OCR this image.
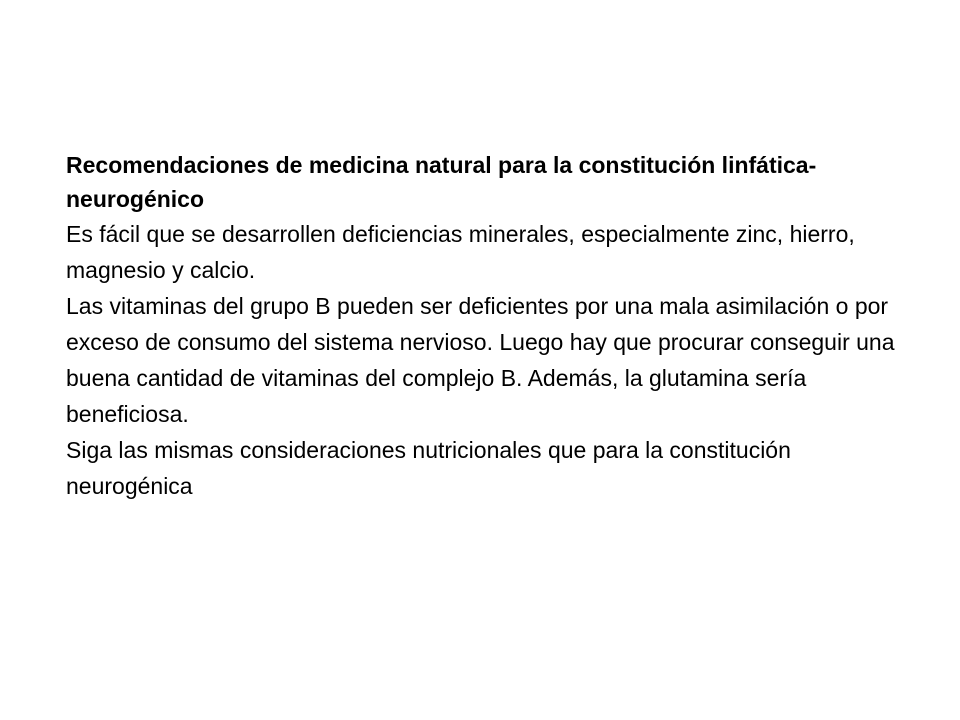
Recomendaciones de medicina natural para la constitución linfática-neurogénico

Es fácil que se desarrollen deficiencias minerales, especialmente zinc, hierro, magnesio y calcio.

Las vitaminas del grupo B pueden ser deficientes por una mala asimilación o por exceso de consumo del sistema nervioso. Luego hay que procurar conseguir una buena cantidad de vitaminas del complejo B. Además, la glutamina sería beneficiosa.

Siga las mismas consideraciones nutricionales que para la constitución neurogénica
